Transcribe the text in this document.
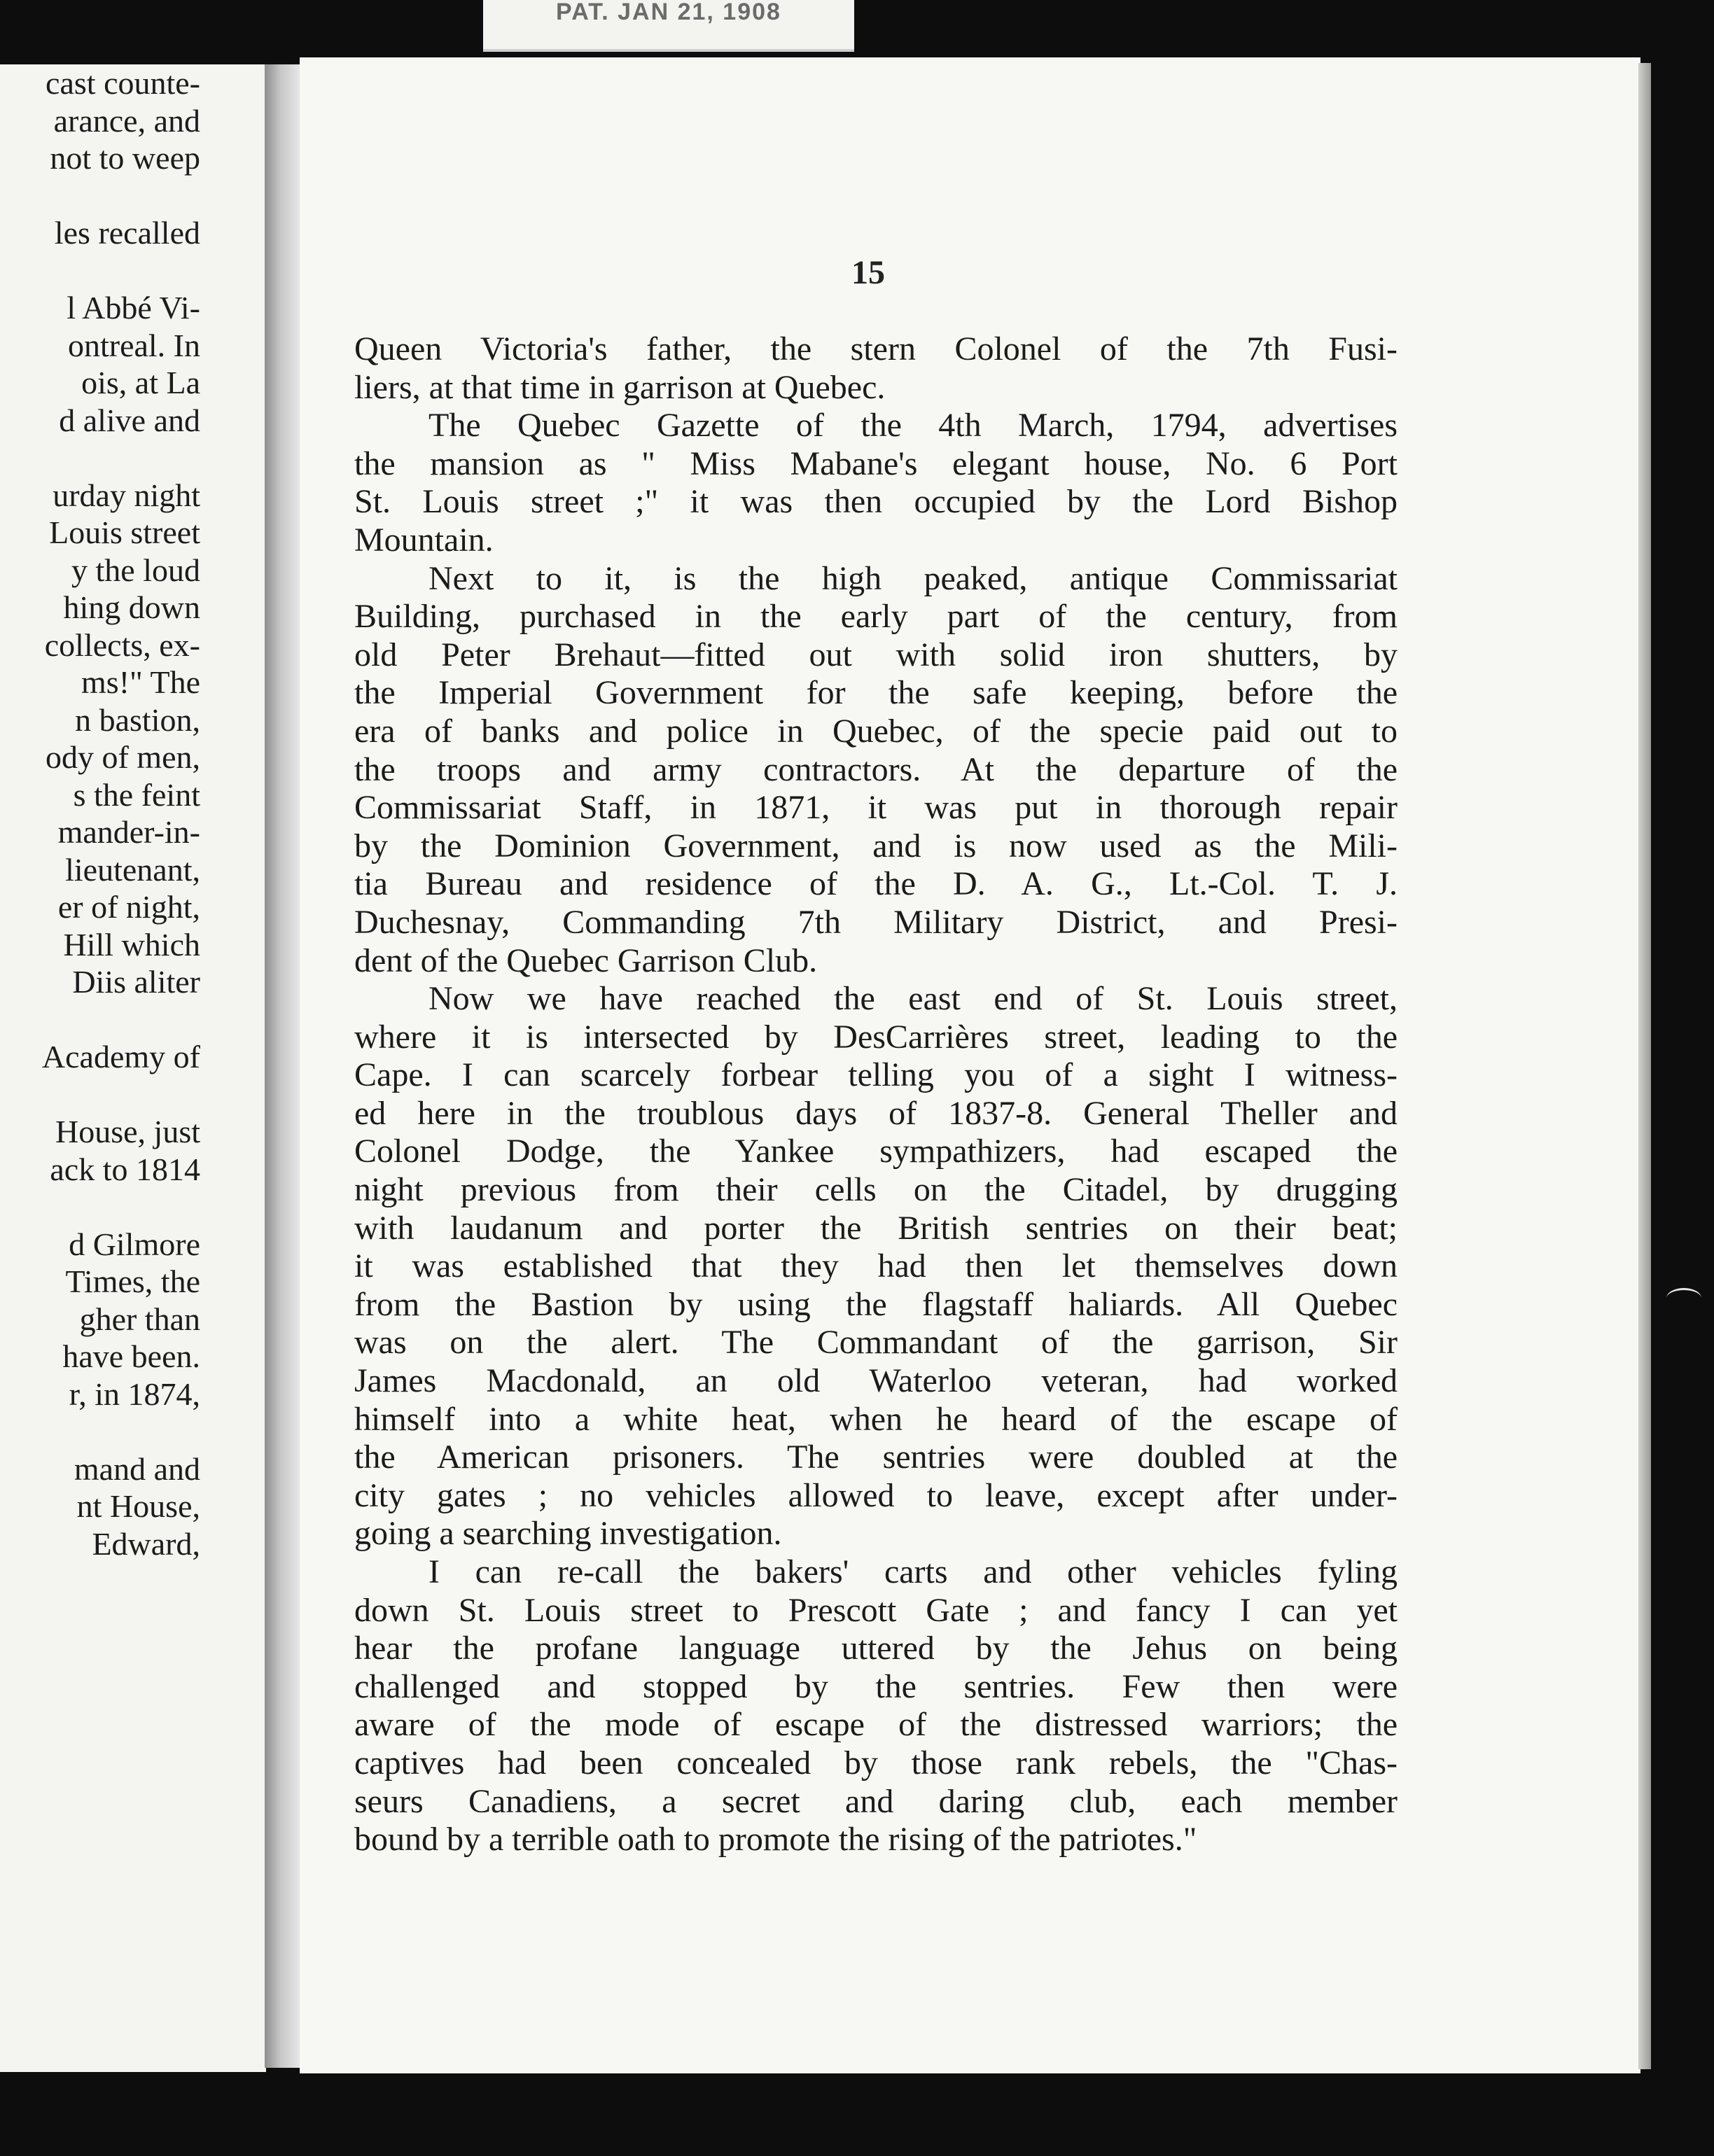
PAT. JAN 21, 1908
cast counte-
arance, and
not to weep
les recalled
l Abbé Vi-
ontreal. In
ois, at La
d alive and
urday night
Louis street
y the loud
hing down
collects, ex-
ms!" The
n bastion,
ody of men,
s the feint
mander-in-
lieutenant,
er of night,
Hill which
Diis aliter
Academy of
House, just
ack to 1814
d Gilmore
Times, the
gher than
have been.
r, in 1874,
mand and
nt House,
Edward,
15
Queen Victoria's father, the stern Colonel of the 7th Fusi-
liers, at that time in garrison at Quebec.
The Quebec Gazette of the 4th March, 1794, advertises
the mansion as " Miss Mabane's elegant house, No. 6 Port
St. Louis street ;" it was then occupied by the Lord Bishop
Mountain.
Next to it, is the high peaked, antique Commissariat
Building, purchased in the early part of the century, from
old Peter Brehaut—fitted out with solid iron shutters, by
the Imperial Government for the safe keeping, before the
era of banks and police in Quebec, of the specie paid out to
the troops and army contractors. At the departure of the
Commissariat Staff, in 1871, it was put in thorough repair
by the Dominion Government, and is now used as the Mili-
tia Bureau and residence of the D. A. G., Lt.-Col. T. J.
Duchesnay, Commanding 7th Military District, and Presi-
dent of the Quebec Garrison Club.
Now we have reached the east end of St. Louis street,
where it is intersected by DesCarrières street, leading to the
Cape. I can scarcely forbear telling you of a sight I witness-
ed here in the troublous days of 1837-8. General Theller and
Colonel Dodge, the Yankee sympathizers, had escaped the
night previous from their cells on the Citadel, by drugging
with laudanum and porter the British sentries on their beat;
it was established that they had then let themselves down
from the Bastion by using the flagstaff haliards. All Quebec
was on the alert. The Commandant of the garrison, Sir
James Macdonald, an old Waterloo veteran, had worked
himself into a white heat, when he heard of the escape of
the American prisoners. The sentries were doubled at the
city gates ; no vehicles allowed to leave, except after under-
going a searching investigation.
I can re-call the bakers' carts and other vehicles fyling
down St. Louis street to Prescott Gate ; and fancy I can yet
hear the profane language uttered by the Jehus on being
challenged and stopped by the sentries. Few then were
aware of the mode of escape of the distressed warriors; the
captives had been concealed by those rank rebels, the "Chas-
seurs Canadiens, a secret and daring club, each member
bound by a terrible oath to promote the rising of the patriotes."
